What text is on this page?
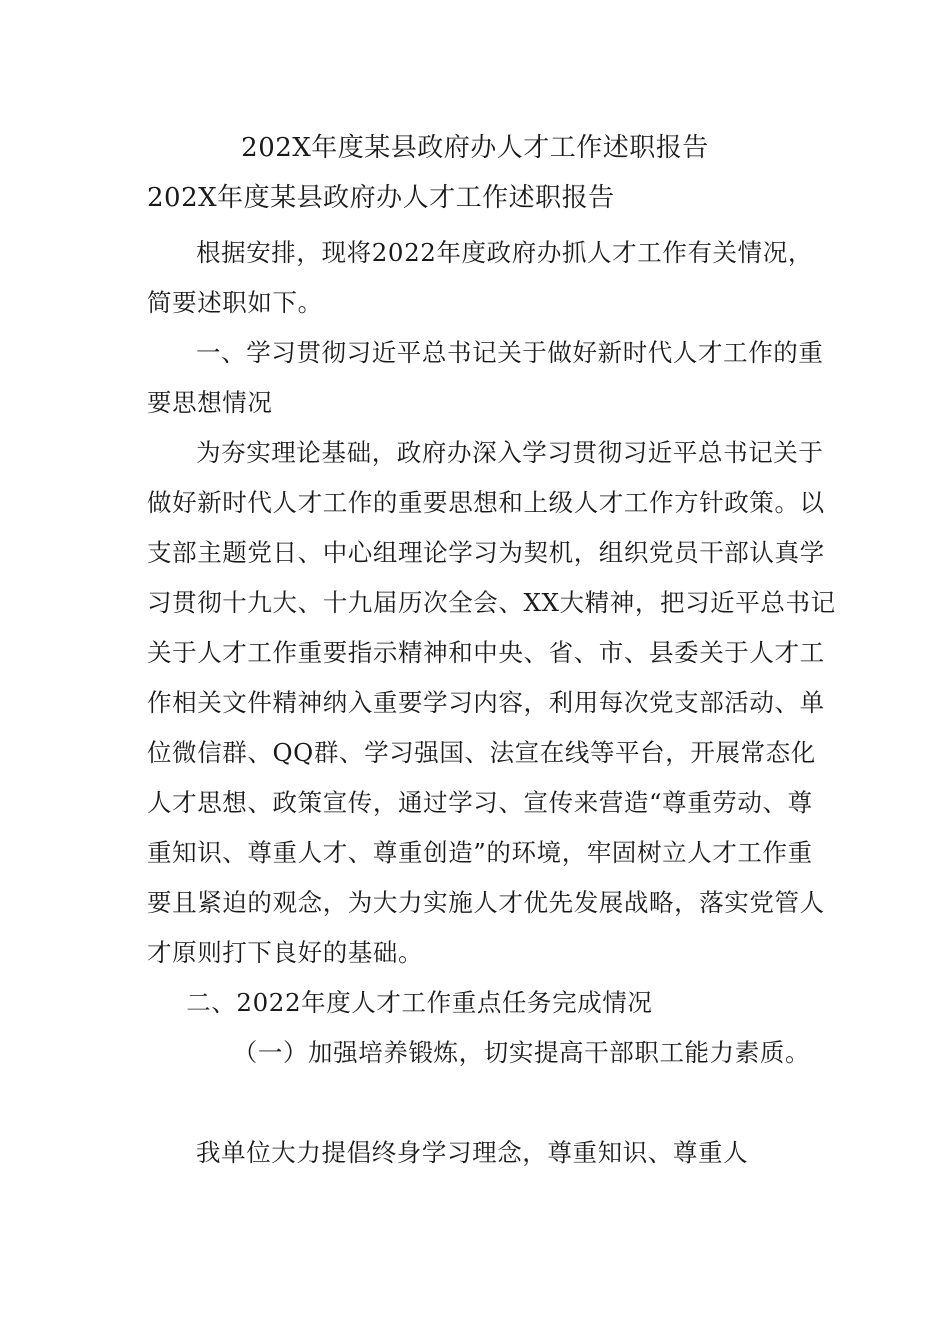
202X年度某县政府办人才工作述职报告
202X年度某县政府办人才工作述职报告

根据安排，现将2022年度政府办抓人才工作有关情况，简要述职如下。

一、学习贯彻习近平总书记关于做好新时代人才工作的重要思想情况

为夯实理论基础，政府办深入学习贯彻习近平总书记关于做好新时代人才工作的重要思想和上级人才工作方针政策。以支部主题党日、中心组理论学习为契机，组织党员干部认真学习贯彻十九大、十九届历次全会、XX大精神，把习近平总书记关于人才工作重要指示精神和中央、省、市、县委关于人才工作相关文件精神纳入重要学习内容，利用每次党支部活动、单位微信群、QQ群、学习强国、法宣在线等平台，开展常态化人才思想、政策宣传，通过学习、宣传来营造“尊重劳动、尊重知识、尊重人才、尊重创造”的环境，牢固树立人才工作重要且紧迫的观念，为大力实施人才优先发展战略，落实党管人才原则打下良好的基础。

二、2022年度人才工作重点任务完成情况

（一）加强培养锻炼，切实提高干部职工能力素质。

我单位大力提倡终身学习理念，尊重知识、尊重人
